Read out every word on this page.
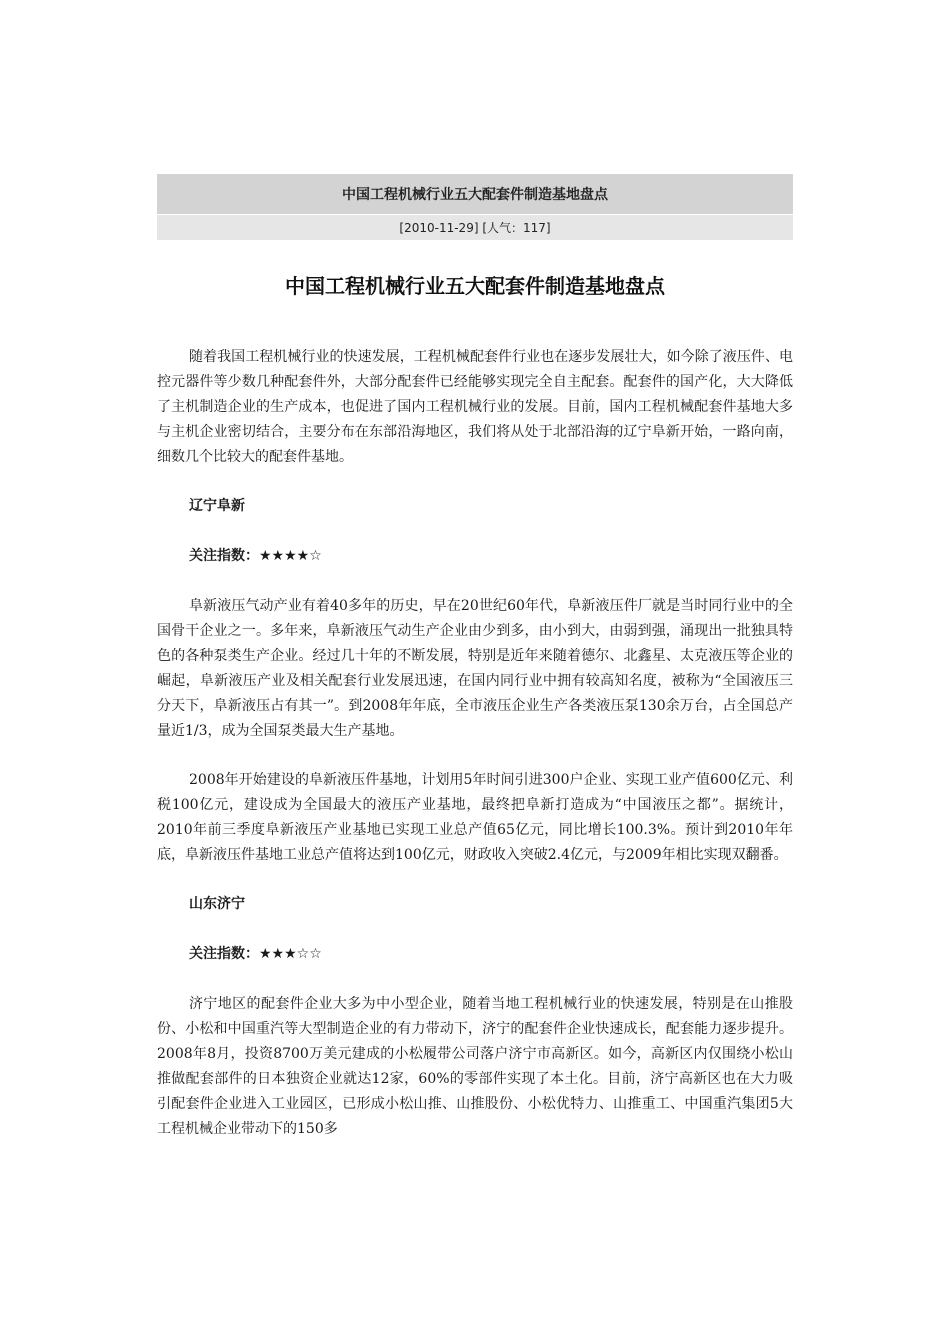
中国工程机械行业五大配套件制造基地盘点
[2010-11-29] [人气：117]
中国工程机械行业五大配套件制造基地盘点

随着我国工程机械行业的快速发展，工程机械配套件行业也在逐步发展壮大，如今除了液压件、电控元器件等少数几种配套件外，大部分配套件已经能够实现完全自主配套。配套件的国产化，大大降低了主机制造企业的生产成本，也促进了国内工程机械行业的发展。目前，国内工程机械配套件基地大多与主机企业密切结合，主要分布在东部沿海地区，我们将从处于北部沿海的辽宁阜新开始，一路向南，细数几个比较大的配套件基地。

辽宁阜新
关注指数：★★★★☆

阜新液压气动产业有着40多年的历史，早在20世纪60年代，阜新液压件厂就是当时同行业中的全国骨干企业之一。多年来，阜新液压气动生产企业由少到多，由小到大，由弱到强，涌现出一批独具特色的各种泵类生产企业。经过几十年的不断发展，特别是近年来随着德尔、北鑫星、太克液压等企业的崛起，阜新液压产业及相关配套行业发展迅速，在国内同行业中拥有较高知名度，被称为“全国液压三分天下，阜新液压占有其一”。到2008年年底，全市液压企业生产各类液压泵130余万台，占全国总产量近1/3，成为全国泵类最大生产基地。

2008年开始建设的阜新液压件基地，计划用5年时间引进300户企业、实现工业产值600亿元、利税100亿元，建设成为全国最大的液压产业基地，最终把阜新打造成为“中国液压之都”。据统计，2010年前三季度阜新液压产业基地已实现工业总产值65亿元，同比增长100.3%。预计到2010年年底，阜新液压件基地工业总产值将达到100亿元，财政收入突破2.4亿元，与2009年相比实现双翻番。

山东济宁
关注指数：★★★☆☆

济宁地区的配套件企业大多为中小型企业，随着当地工程机械行业的快速发展，特别是在山推股份、小松和中国重汽等大型制造企业的有力带动下，济宁的配套件企业快速成长，配套能力逐步提升。2008年8月，投资8700万美元建成的小松履带公司落户济宁市高新区。如今，高新区内仅围绕小松山推做配套部件的日本独资企业就达12家，60%的零部件实现了本土化。目前，济宁高新区也在大力吸引配套件企业进入工业园区，已形成小松山推、山推股份、小松优特力、山推重工、中国重汽集团5大工程机械企业带动下的150多
